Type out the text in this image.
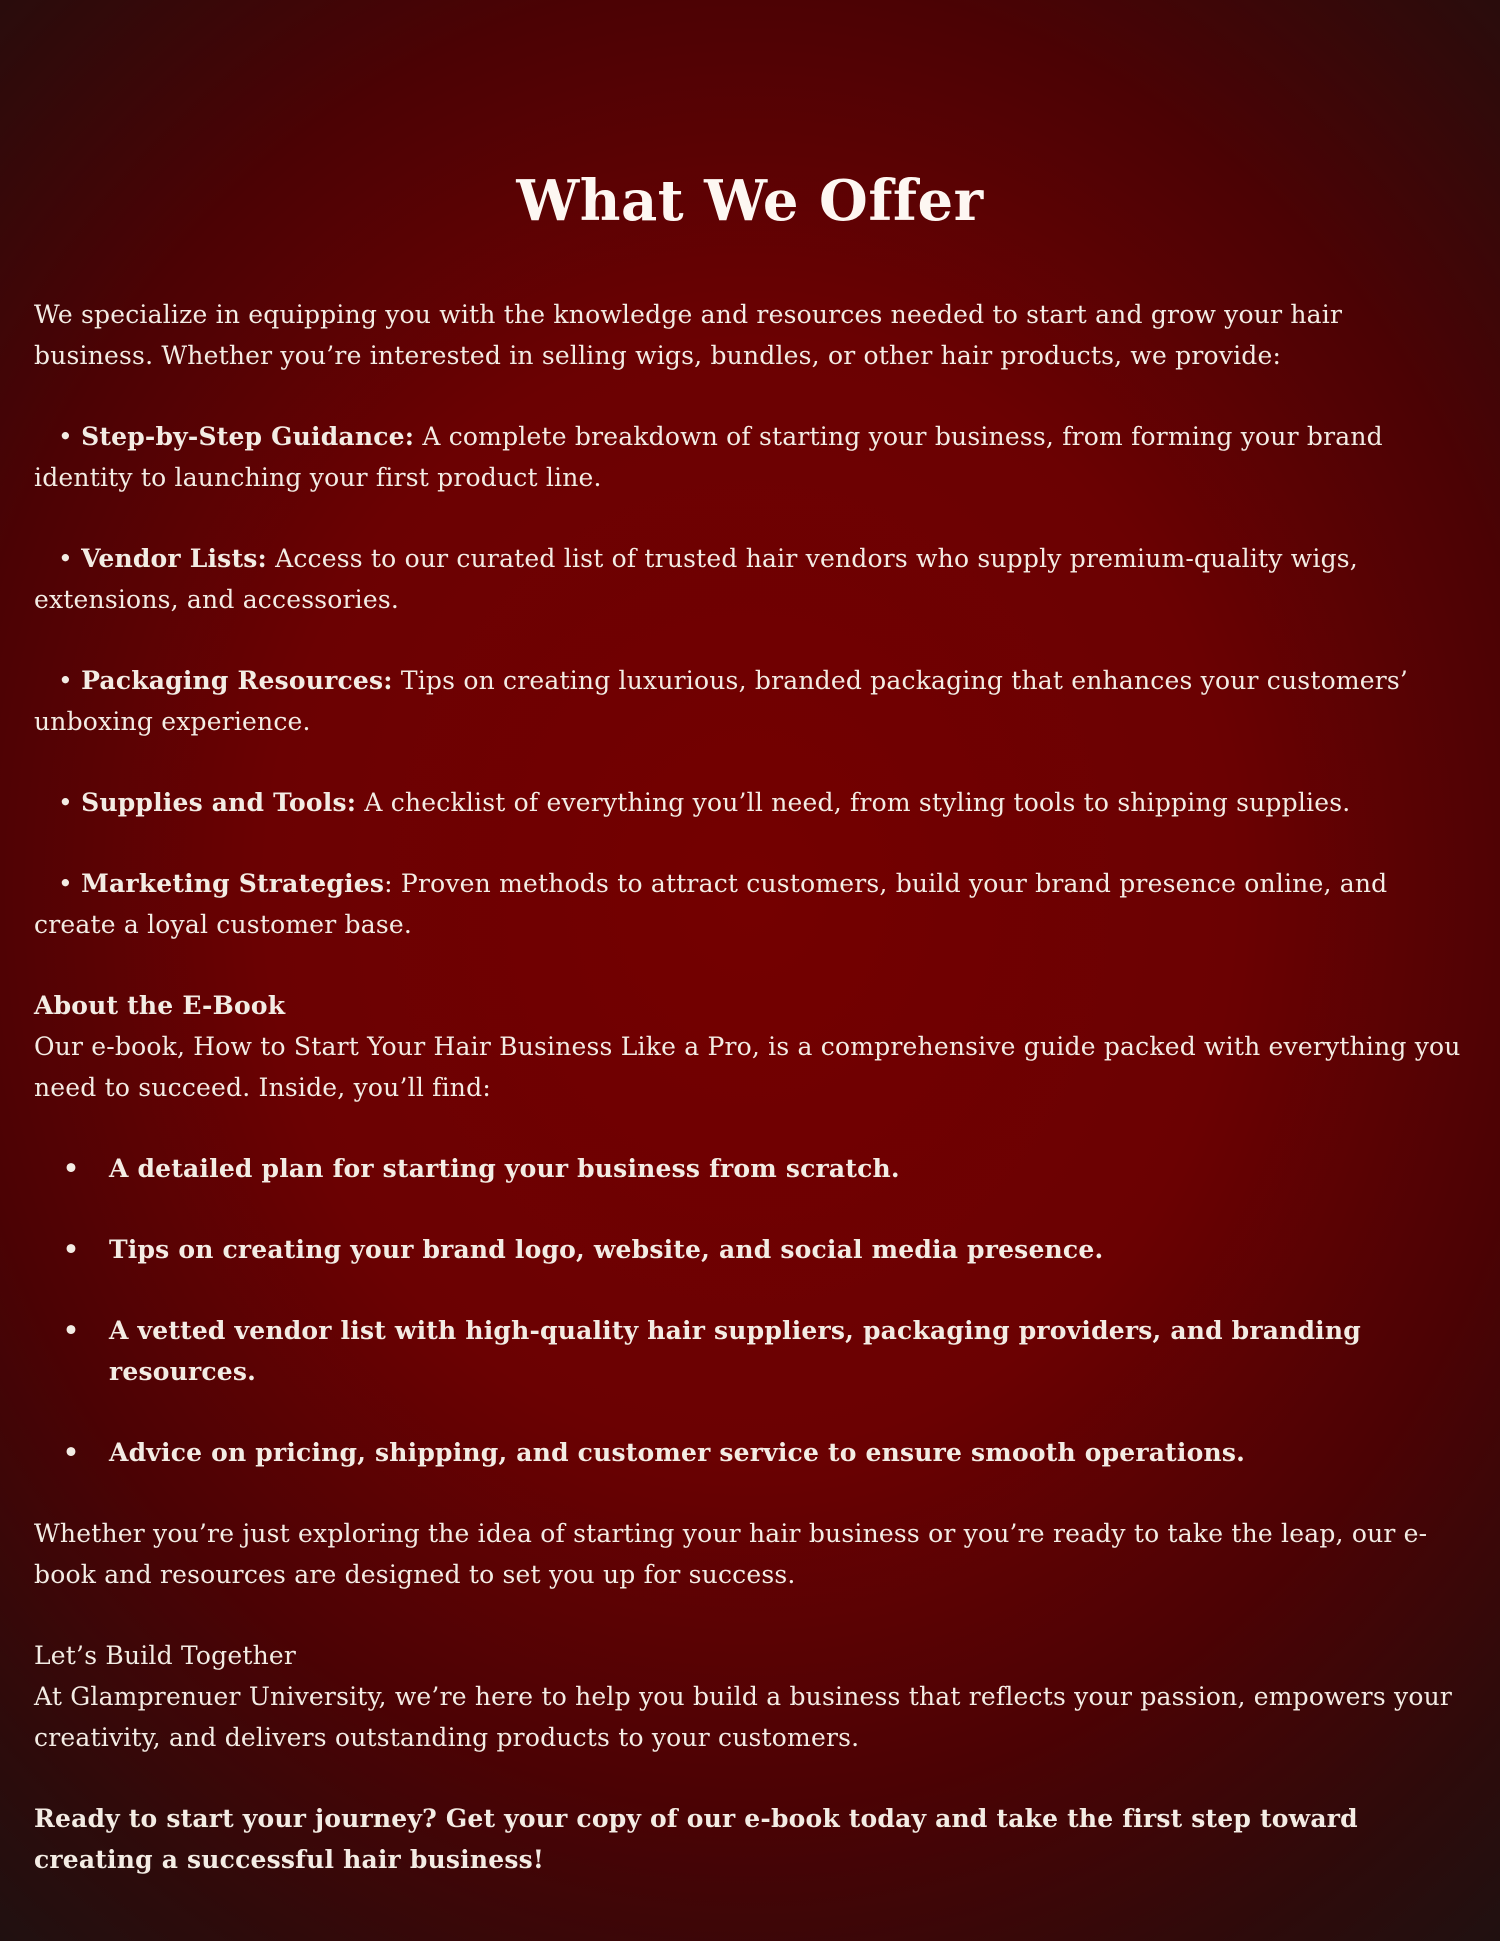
What We Offer

We specialize in equipping you with the knowledge and resources needed to start and grow your hair business. Whether you’re interested in selling wigs, bundles, or other hair products, we provide:

• Step-by-Step Guidance: A complete breakdown of starting your business, from forming your brand identity to launching your first product line.

• Vendor Lists: Access to our curated list of trusted hair vendors who supply premium-quality wigs, extensions, and accessories.

• Packaging Resources: Tips on creating luxurious, branded packaging that enhances your customers’ unboxing experience.

• Supplies and Tools: A checklist of everything you’ll need, from styling tools to shipping supplies.

• Marketing Strategies: Proven methods to attract customers, build your brand presence online, and create a loyal customer base.

About the E-Book
Our e-book, How to Start Your Hair Business Like a Pro, is a comprehensive guide packed with everything you need to succeed. Inside, you’ll find:

• A detailed plan for starting your business from scratch.
• Tips on creating your brand logo, website, and social media presence.
• A vetted vendor list with high-quality hair suppliers, packaging providers, and branding resources.
• Advice on pricing, shipping, and customer service to ensure smooth operations.

Whether you’re just exploring the idea of starting your hair business or you’re ready to take the leap, our e-book and resources are designed to set you up for success.

Let’s Build Together
At Glamprenuer University, we’re here to help you build a business that reflects your passion, empowers your creativity, and delivers outstanding products to your customers.

Ready to start your journey? Get your copy of our e-book today and take the first step toward creating a successful hair business!
